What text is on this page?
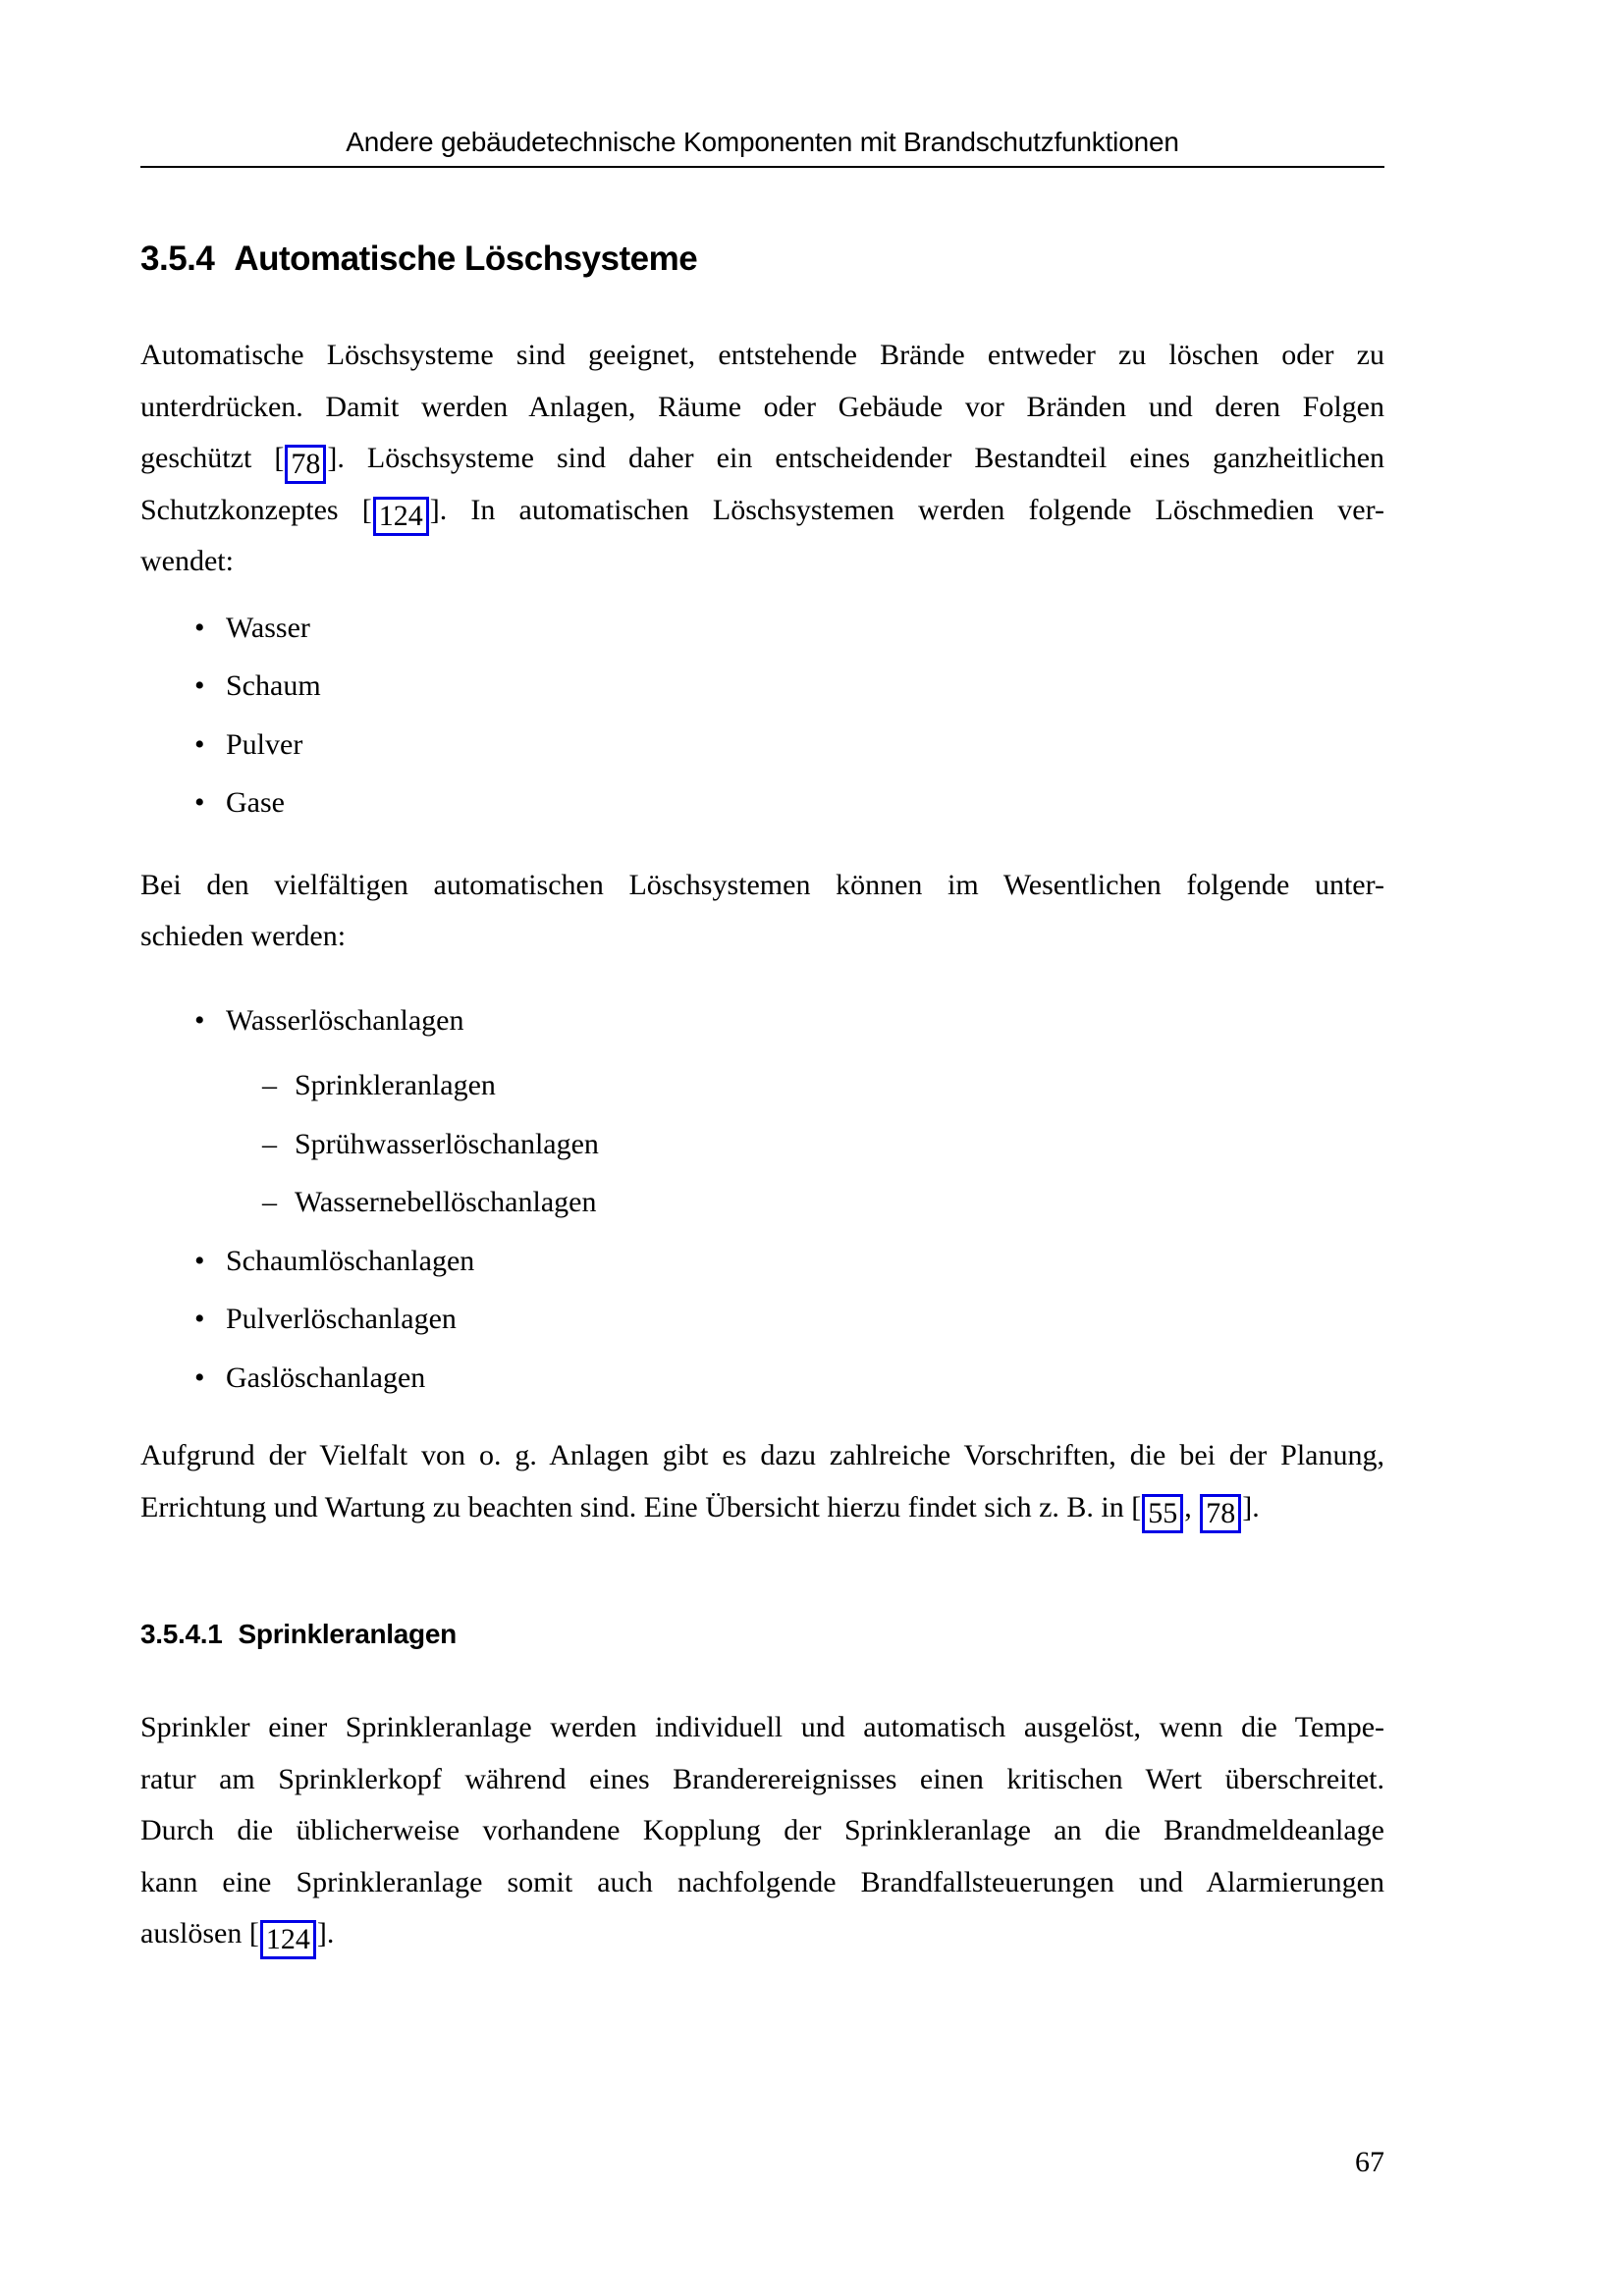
Andere gebäudetechnische Komponenten mit Brandschutzfunktionen
3.5.4 Automatische Löschsysteme
Automatische Löschsysteme sind geeignet, entstehende Brände entweder zu löschen oder zu
unterdrücken. Damit werden Anlagen, Räume oder Gebäude vor Bränden und deren Folgen
geschützt [ 78 ]. Löschsysteme sind daher ein entscheidender Bestandteil eines ganzheitlichen
Schutzkonzeptes [ 124 ]. In automatischen Löschsystemen werden folgende Löschmedien ver-
wendet:
• Wasser
• Schaum
• Pulver
• Gase
Bei den vielfältigen automatischen Löschsystemen können im Wesentlichen folgende unter-
schieden werden:
• Wasserlöschanlagen
– Sprinkleranlagen
– Sprühwasserlöschanlagen
– Wassernebellöschanlagen
• Schaumlöschanlagen
• Pulverlöschanlagen
• Gaslöschanlagen
Aufgrund der Vielfalt von o. g. Anlagen gibt es dazu zahlreiche Vorschriften, die bei der Planung,
Errichtung und Wartung zu beachten sind. Eine Übersicht hierzu findet sich z. B. in [ 55 , 78 ].
3.5.4.1 Sprinkleranlagen
Sprinkler einer Sprinkleranlage werden individuell und automatisch ausgelöst, wenn die Tempe-
ratur am Sprinklerkopf während eines Branderereignisses einen kritischen Wert überschreitet.
Durch die üblicherweise vorhandene Kopplung der Sprinkleranlage an die Brandmeldeanlage
kann eine Sprinkleranlage somit auch nachfolgende Brandfallsteuerungen und Alarmierungen
auslösen [ 124 ].
67
